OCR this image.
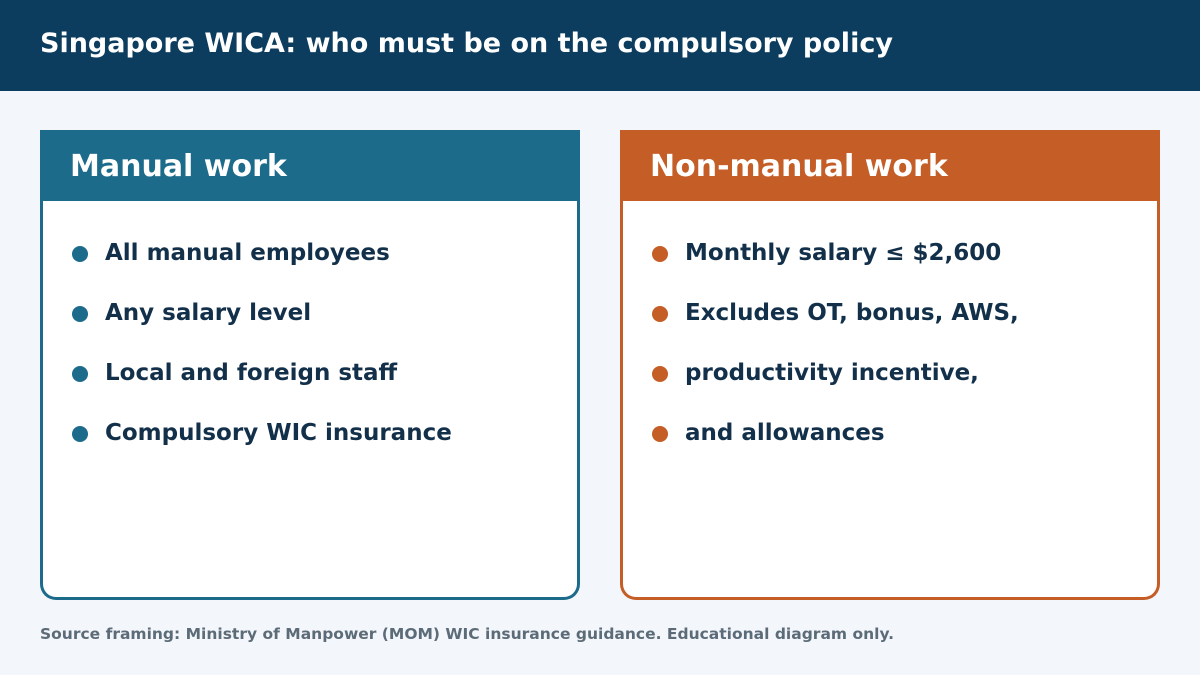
Singapore WICA: who must be on the compulsory policy
Manual work
All manual employees
Any salary level
Local and foreign staff
Compulsory WIC insurance
Non-manual work
Monthly salary ≤ $2,600
Excludes OT, bonus, AWS,
productivity incentive,
and allowances
Source framing: Ministry of Manpower (MOM) WIC insurance guidance. Educational diagram only.
